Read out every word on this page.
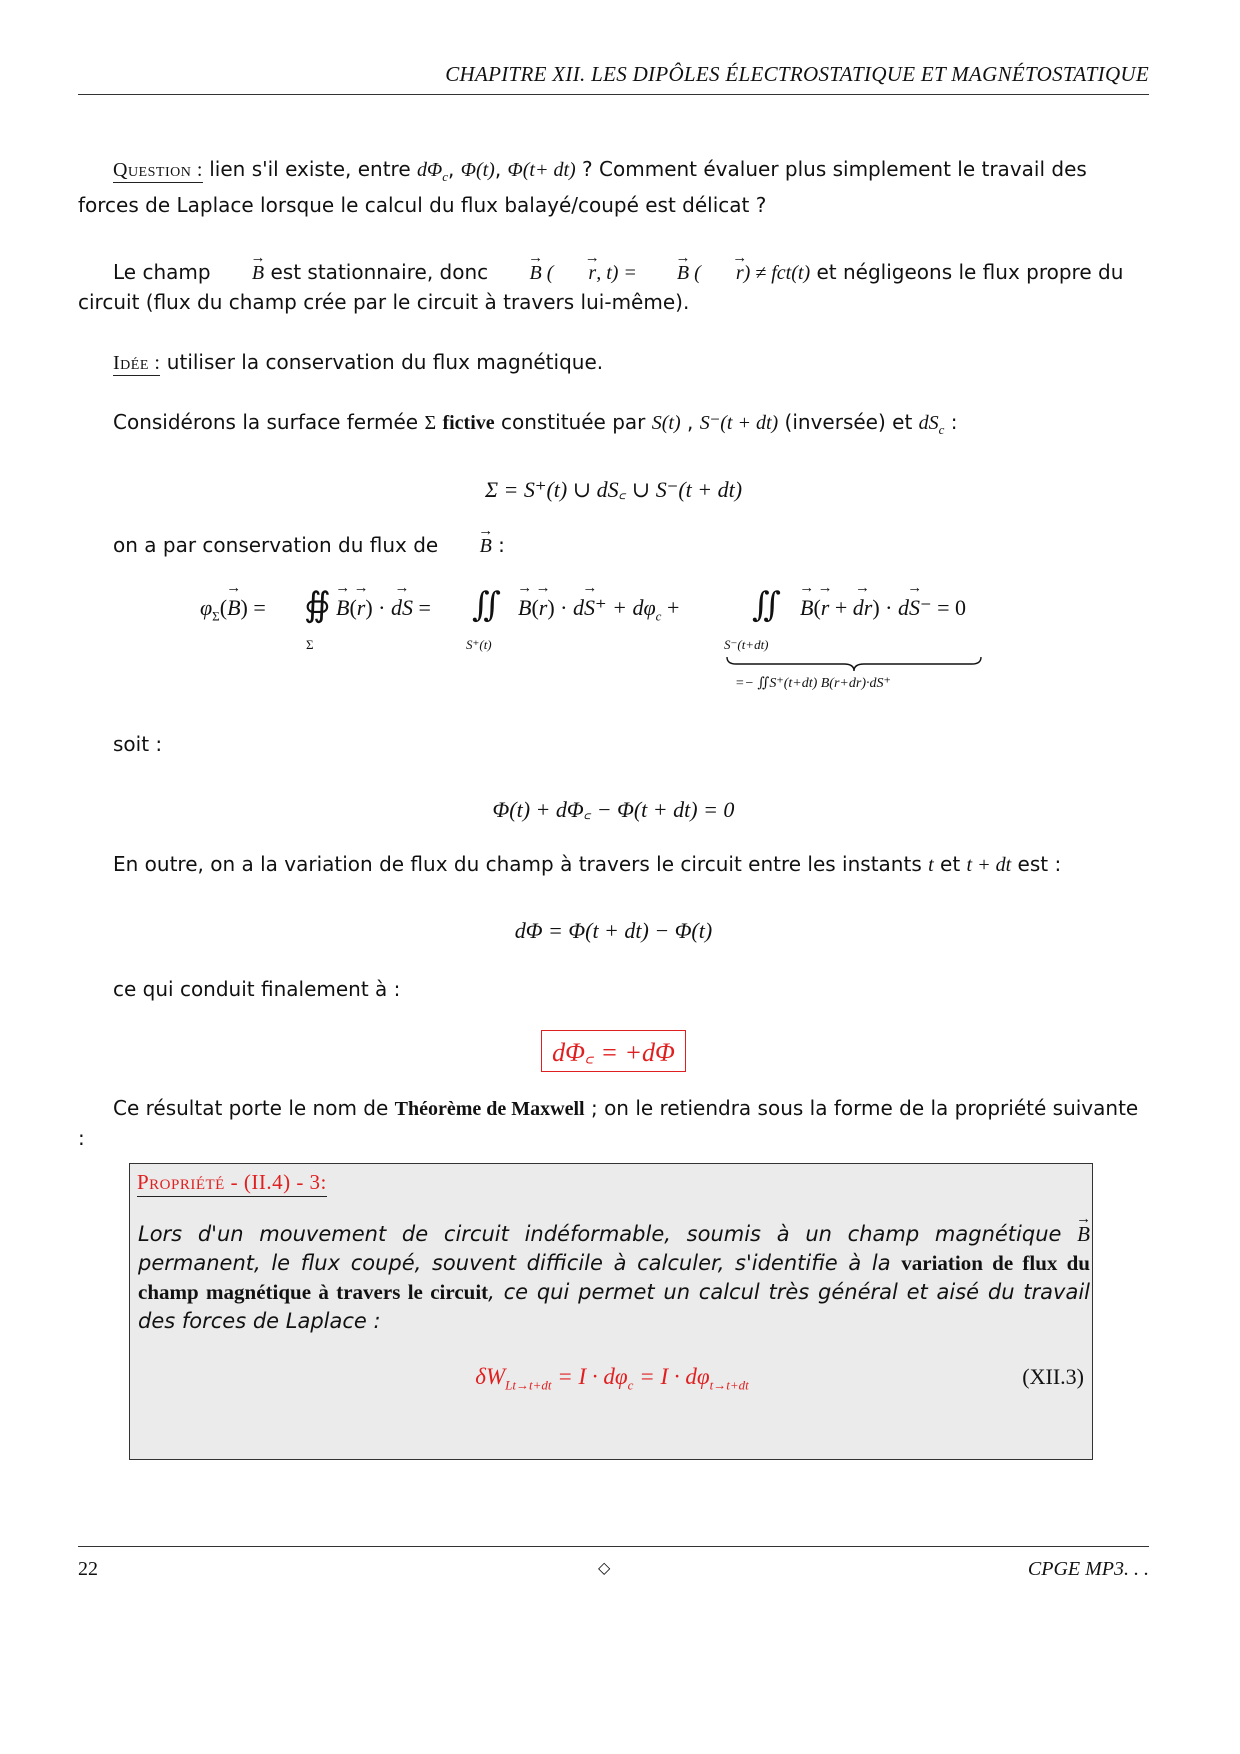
CHAPITRE XII. LES DIPÔLES ÉLECTROSTATIQUE ET MAGNÉTOSTATIQUE
Question : lien s'il existe, entre $d\Phi_c$, Φ(t), Φ(t+ dt) ? Comment évaluer plus simplement le travail des forces de Laplace lorsque le calcul du flux balayé/coupé est délicat ?
Le champ → B est stationnaire, donc → B ( → r, t) = → B ( → r) ≠ fct(t) et négligeons le flux propre du circuit (flux du champ crée par le circuit à travers lui-même).
Idée : utiliser la conservation du flux magnétique.
Considérons la surface fermée Σ fictive constituée par S(t) , S⁻(t + dt) (inversée) et $dS_c$ :
Σ = S⁺(t) ∪ dS꜀ ∪ S⁻(t + dt)
on a par conservation du flux de → B :
$\varphi_\Sigma(\to B)$ = ∯
Σ
→ B(→ r) · → dS = ∬
S⁺(t)
→ B(→ r) · → $dS^+ + d\varphi_c$ + ∬
S⁻(t+dt)
→ B(→ r + → dr) · → dS⁻ = 0
=− ∬S⁺(t+dt) B(r+dr)·dS⁺
soit :
Φ(t) + dΦ꜀ − Φ(t + dt) = 0
En outre, on a la variation de flux du champ à travers le circuit entre les instants t et t + dt est :
dΦ = Φ(t + dt) − Φ(t)
ce qui conduit finalement à :
dΦ꜀ = +dΦ
Ce résultat porte le nom de Théorème de Maxwell ; on le retiendra sous la forme de la propriété suivante :
Propriété - (II.4) - 3:
Lors d'un mouvement de circuit indéformable, soumis à un champ magnétique → B permanent, le flux coupé, souvent difficile à calculer, s'identifie à la variation de flux du champ magnétique à travers le circuit, ce qui permet un calcul très général et aisé du travail des forces de Laplace :
$\delta W_{Lt\to t+dt} = I \cdot d\varphi_c = I \cdot d\varphi_{t\to t+dt}$	(XII.3)
22	◇	CPGE MP3. . .
